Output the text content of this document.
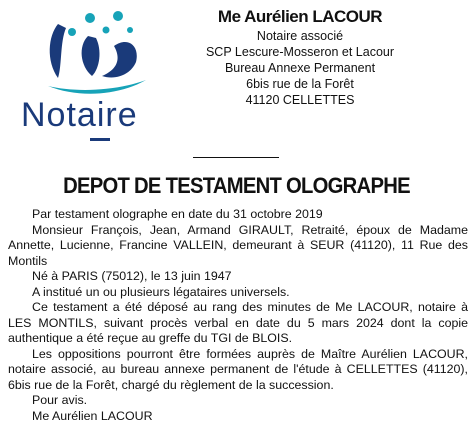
Notaire
Me Aurélien LACOUR
Notaire associé
SCP Lescure-Mosseron et Lacour
Bureau Annexe Permanent
6bis rue de la Forêt
41120 CELLETTES
DEPOT DE TESTAMENT OLOGRAPHE

Par testament olographe en date du 31 octobre 2019

Monsieur François, Jean, Armand GIRAULT, Retraité, époux de Madame Annette, Lucienne, Francine VALLEIN, demeurant à SEUR (41120), 11 Rue des Montils

Né à PARIS (75012), le 13 juin 1947

A institué un ou plusieurs légataires universels.

Ce testament a été déposé au rang des minutes de Me LACOUR, notaire à LES MONTILS, suivant procès verbal en date du 5 mars 2024 dont la copie authentique a été reçue au greffe du TGI de BLOIS.

Les oppositions pourront être formées auprès de Maître Aurélien LACOUR, notaire associé, au bureau annexe permanent de l'étude à CELLETTES (41120), 6bis rue de la Forêt, chargé du règlement de la succession.

Pour avis.

Me Aurélien LACOUR
